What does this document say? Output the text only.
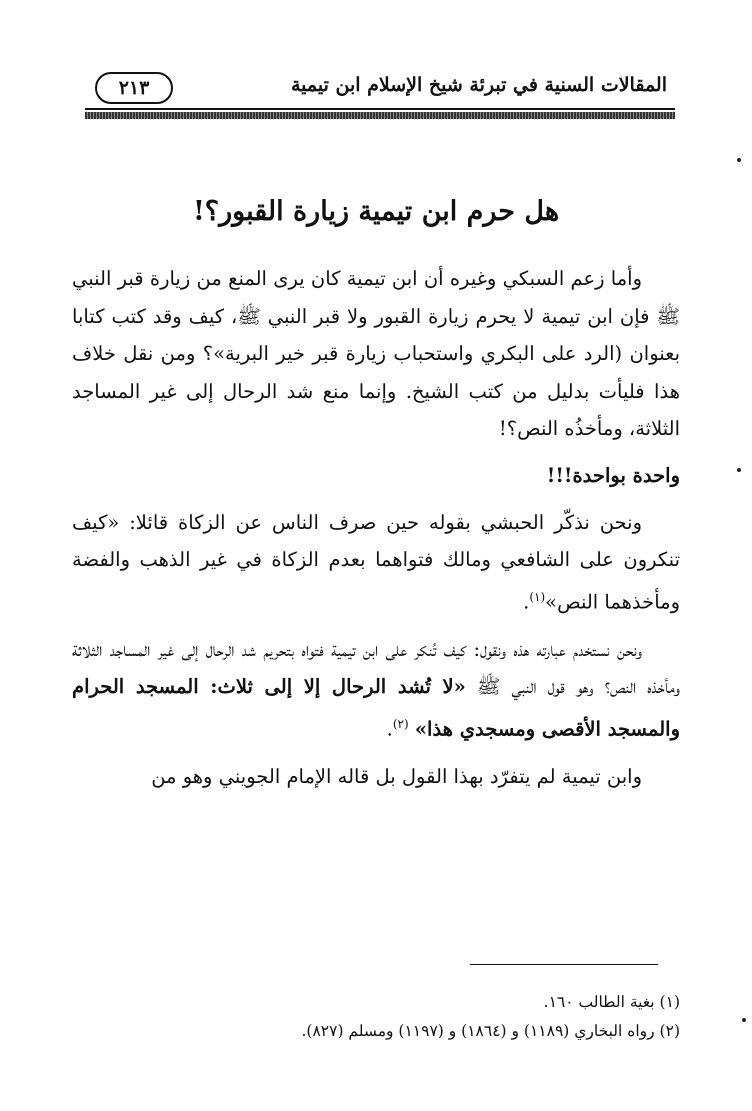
المقالات السنية في تبرئة شيخ الإسلام ابن تيمية
٢١٣
هل حرم ابن تيمية زيارة القبور؟!

وأما زعم السبكي وغيره أن ابن تيمية كان يرى المنع من زيارة قبر النبي ﷺ فإن ابن تيمية لا يحرم زيارة القبور ولا قبر النبي ﷺ، كيف وقد كتب كتابا بعنوان (الرد على البكري واستحباب زيارة قبر خير البرية»؟ ومن نقل خلاف هذا فليأت بدليل من كتب الشيخ. وإنما منع شد الرحال إلى غير المساجد الثلاثة، ومأخذُه النص؟!

واحدة بواحدة!!!

ونحن نذكّر الحبشي بقوله حين صرف الناس عن الزكاة قائلا: «كيف تنكرون على الشافعي ومالك فتواهما بعدم الزكاة في غير الذهب والفضة ومأخذهما النص»$^{(١)}$.

ونحن نستخدم عبارته هذه ونقول: كيف تُنكر على ابن تيمية فتواه بتحريم شد الرحال إلى غير المساجد الثلاثة ومأخذه النص؟ وهو قول النبي ﷺ «لا تُشد الرحال إلا إلى ثلاث: المسجد الحرام والمسجد الأقصى ومسجدي هذا» $^{(٢)}$.

وابن تيمية لم يتفرّد بهذا القول بل قاله الإمام الجويني وهو من

(١) بغية الطالب ١٦٠.
(٢) رواه البخاري (١١٨٩) و (١٨٦٤) و (١١٩٧) ومسلم (٨٢٧).
